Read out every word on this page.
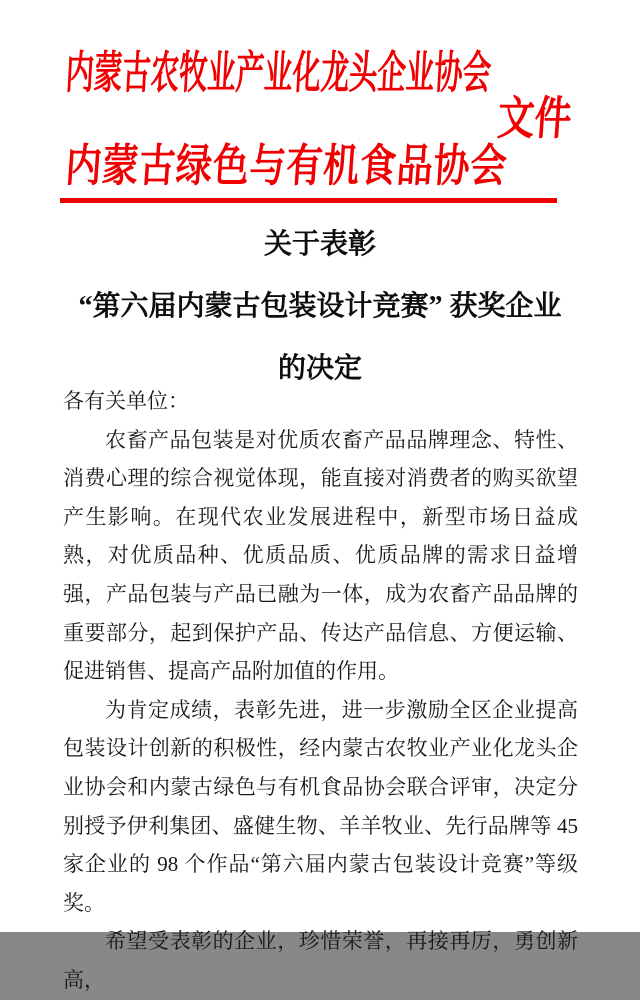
内蒙古农牧业产业化龙头企业协会
文件
内蒙古绿色与有机食品协会
关于表彰
“第六届内蒙古包装设计竞赛” 获奖企业
的决定

各有关单位：

农畜产品包装是对优质农畜产品品牌理念、特性、消费心理的综合视觉体现，能直接对消费者的购买欲望产生影响。在现代农业发展进程中，新型市场日益成熟，对优质品种、优质品质、优质品牌的需求日益增强，产品包装与产品已融为一体，成为农畜产品品牌的重要部分，起到保护产品、传达产品信息、方便运输、促进销售、提高产品附加值的作用。

为肯定成绩，表彰先进，进一步激励全区企业提高包装设计创新的积极性，经内蒙古农牧业产业化龙头企业协会和内蒙古绿色与有机食品协会联合评审，决定分别授予伊利集团、盛健生物、羊羊牧业、先行品牌等 45 家企业的 98 个作品“第六届内蒙古包装设计竞赛”等级奖。

希望受表彰的企业，珍惜荣誉，再接再厉，勇创新高，
